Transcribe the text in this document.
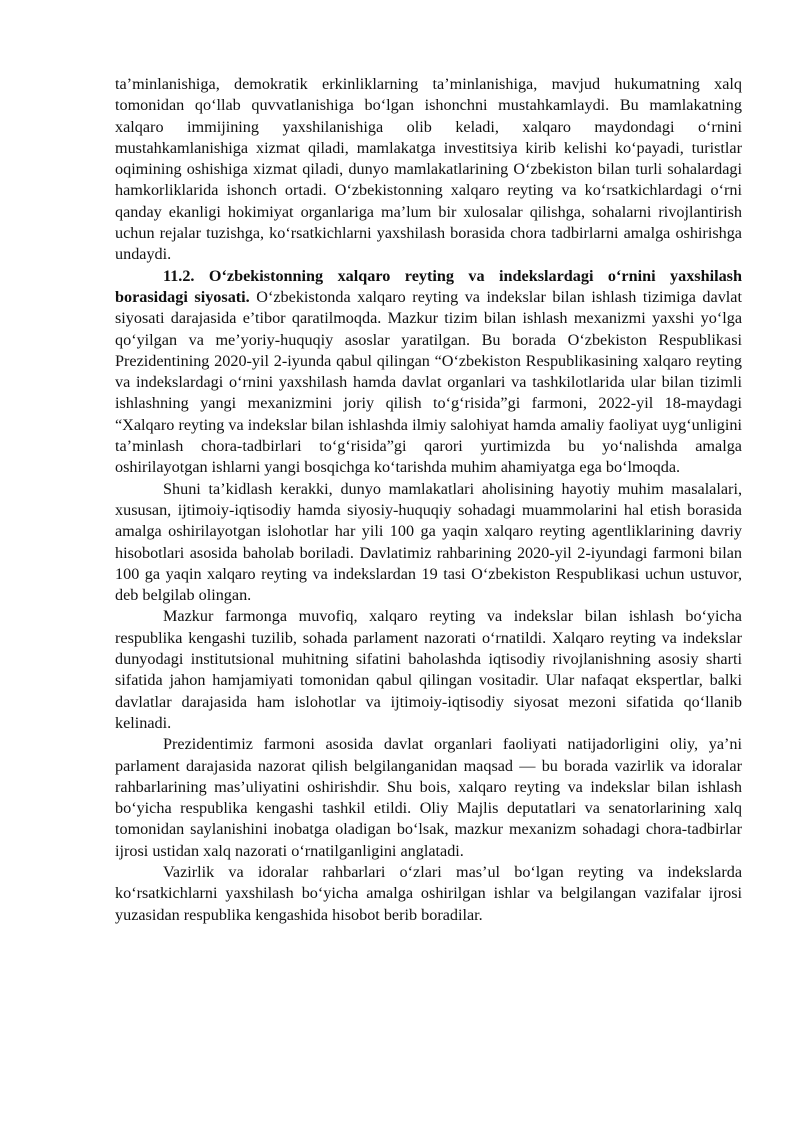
ta’minlanishiga, demokratik erkinliklarning ta’minlanishiga, mavjud hukumatning xalq tomonidan qo‘llab quvvatlanishiga bo‘lgan ishonchni mustahkamlaydi. Bu mamlakatning xalqaro immijining yaxshilanishiga olib keladi, xalqaro maydondagi o‘rnini mustahkamlanishiga xizmat qiladi, mamlakatga investitsiya kirib kelishi ko‘payadi, turistlar oqimining oshishiga xizmat qiladi, dunyo mamlakatlarining O‘zbekiston bilan turli sohalardagi hamkorliklarida ishonch ortadi. O‘zbekistonning xalqaro reyting va ko‘rsatkichlardagi o‘rni qanday ekanligi hokimiyat organlariga ma’lum bir xulosalar qilishga, sohalarni rivojlantirish uchun rejalar tuzishga, ko‘rsatkichlarni yaxshilash borasida chora tadbirlarni amalga oshirishga undaydi.

11.2. O‘zbekistonning xalqaro reyting va indekslardagi o‘rnini yaxshilash borasidagi siyosati. O‘zbekistonda xalqaro reyting va indekslar bilan ishlash tizimiga davlat siyosati darajasida e’tibor qaratilmoqda. Mazkur tizim bilan ishlash mexanizmi yaxshi yo‘lga qo‘yilgan va me’yoriy-huquqiy asoslar yaratilgan. Bu borada O‘zbekiston Respublikasi Prezidentining 2020-yil 2-iyunda qabul qilingan “O‘zbekiston Respublikasining xalqaro reyting va indekslardagi o‘rnini yaxshilash hamda davlat organlari va tashkilotlarida ular bilan tizimli ishlashning yangi mexanizmini joriy qilish to‘g‘risida”gi farmoni, 2022-yil 18-maydagi “Xalqaro reyting va indekslar bilan ishlashda ilmiy salohiyat hamda amaliy faoliyat uyg‘unligini ta’minlash chora-tadbirlari to‘g‘risida”gi qarori yurtimizda bu yo‘nalishda amalga oshirilayotgan ishlarni yangi bosqichga ko‘tarishda muhim ahamiyatga ega bo‘lmoqda.

Shuni ta’kidlash kerakki, dunyo mamlakatlari aholisining hayotiy muhim masalalari, xususan, ijtimoiy-iqtisodiy hamda siyosiy-huquqiy sohadagi muammolarini hal etish borasida amalga oshirilayotgan islohotlar har yili 100 ga yaqin xalqaro reyting agentliklarining davriy hisobotlari asosida baholab boriladi. Davlatimiz rahbarining 2020-yil 2-iyundagi farmoni bilan 100 ga yaqin xalqaro reyting va indekslardan 19 tasi O‘zbekiston Respublikasi uchun ustuvor, deb belgilab olingan.

Mazkur farmonga muvofiq, xalqaro reyting va indekslar bilan ishlash bo‘yicha respublika kengashi tuzilib, sohada parlament nazorati o‘rnatildi. Xalqaro reyting va indekslar dunyodagi institutsional muhitning sifatini baholashda iqtisodiy rivojlanishning asosiy sharti sifatida jahon hamjamiyati tomonidan qabul qilingan vositadir. Ular nafaqat ekspertlar, balki davlatlar darajasida ham islohotlar va ijtimoiy-iqtisodiy siyosat mezoni sifatida qo‘llanib kelinadi.

Prezidentimiz farmoni asosida davlat organlari faoliyati natijadorligini oliy, ya’ni parlament darajasida nazorat qilish belgilanganidan maqsad — bu borada vazirlik va idoralar rahbarlarining mas’uliyatini oshirishdir. Shu bois, xalqaro reyting va indekslar bilan ishlash bo‘yicha respublika kengashi tashkil etildi. Oliy Majlis deputatlari va senatorlarining xalq tomonidan saylanishini inobatga oladigan bo‘lsak, mazkur mexanizm sohadagi chora-tadbirlar ijrosi ustidan xalq nazorati o‘rnatilganligini anglatadi.

Vazirlik va idoralar rahbarlari o‘zlari mas’ul bo‘lgan reyting va indekslarda ko‘rsatkichlarni yaxshilash bo‘yicha amalga oshirilgan ishlar va belgilangan vazifalar ijrosi yuzasidan respublika kengashida hisobot berib boradilar.
